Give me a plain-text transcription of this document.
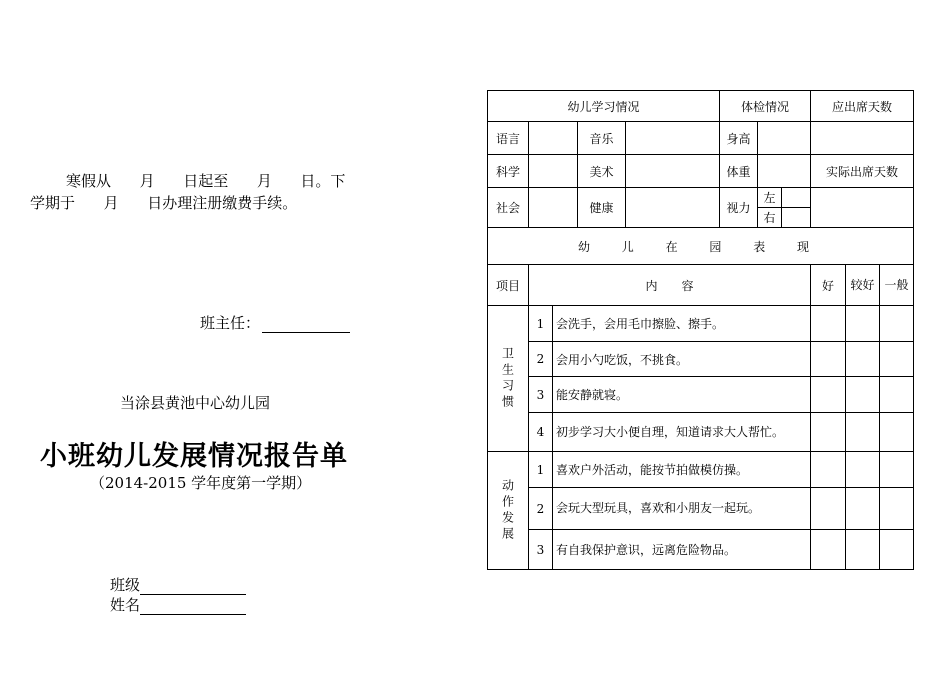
寒假从      月      日起至      月      日。下
学期于      月      日办理注册缴费手续。
班主任：
当涂县黄池中心幼儿园
小班幼儿发展情况报告单
（2014-2015 学年度第一学期）
班级
姓名
幼儿学习情况					体检情况			应出席天数		
语言			音乐		身高					
科学			美术		体重			实际出席天数		
社会			健康		视力	左				
						右				
幼 儿 在 园 表 现										
项目	内　　容							好	较好	一般

卫生习惯	1	会洗手，会用毛巾擦脸、擦手。								
	2	会用小勺吃饭，不挑食。								
	3	能安静就寝。								
	4	初步学习大小便自理，知道请求大人帮忙。								

动作发展	1	喜欢户外活动，能按节拍做模仿操。								
	2	会玩大型玩具，喜欢和小朋友一起玩。								
	3	有自我保护意识，远离危险物品。								
